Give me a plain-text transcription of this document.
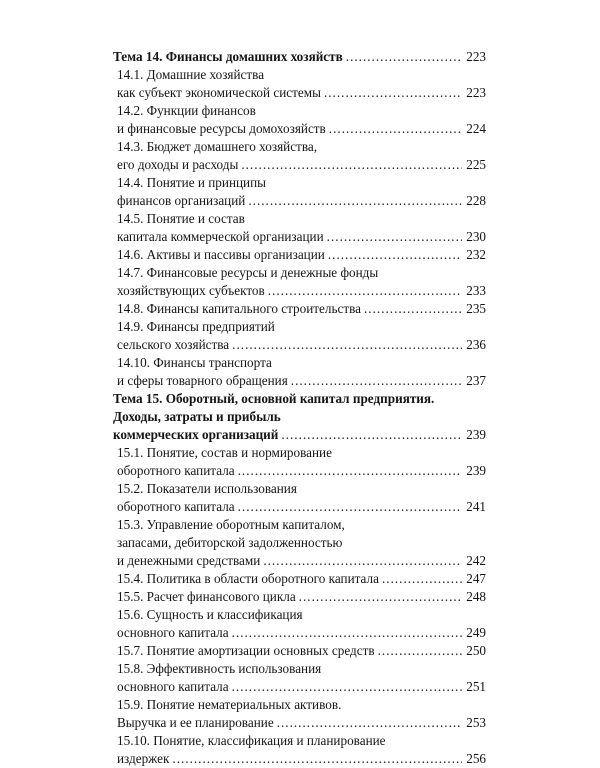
Тема 14. Финансы домашних хозяйств .....	223
14.1. Домашние хозяйства
как субъект экономической системы .....	223
14.2. Функции финансов
и финансовые ресурсы домохозяйств .....	224
14.3. Бюджет домашнего хозяйства,
его доходы и расходы .....	225
14.4. Понятие и принципы
финансов организаций .....	228
14.5. Понятие и состав
капитала коммерческой организации .....	230
14.6. Активы и пассивы организации .....	232
14.7. Финансовые ресурсы и денежные фонды
хозяйствующих субъектов .....	233
14.8. Финансы капитального строительства .....	235
14.9. Финансы предприятий
сельского хозяйства .....	236
14.10. Финансы транспорта
и сферы товарного обращения .....	237
Тема 15. Оборотный, основной капитал предприятия.
Доходы, затраты и прибыль
коммерческих организаций .....	239
15.1. Понятие, состав и нормирование
оборотного капитала .....	239
15.2. Показатели использования
оборотного капитала .....	241
15.3. Управление оборотным капиталом,
запасами, дебиторской задолженностью
и денежными средствами .....	242
15.4. Политика в области оборотного капитала .....	247
15.5. Расчет финансового цикла .....	248
15.6. Сущность и классификация
основного капитала .....	249
15.7. Понятие амортизации основных средств .....	250
15.8. Эффективность использования
основного капитала .....	251
15.9. Понятие нематериальных активов.
Выручка и ее планирование .....	253
15.10. Понятие, классификация и планирование
издержек .....	256
